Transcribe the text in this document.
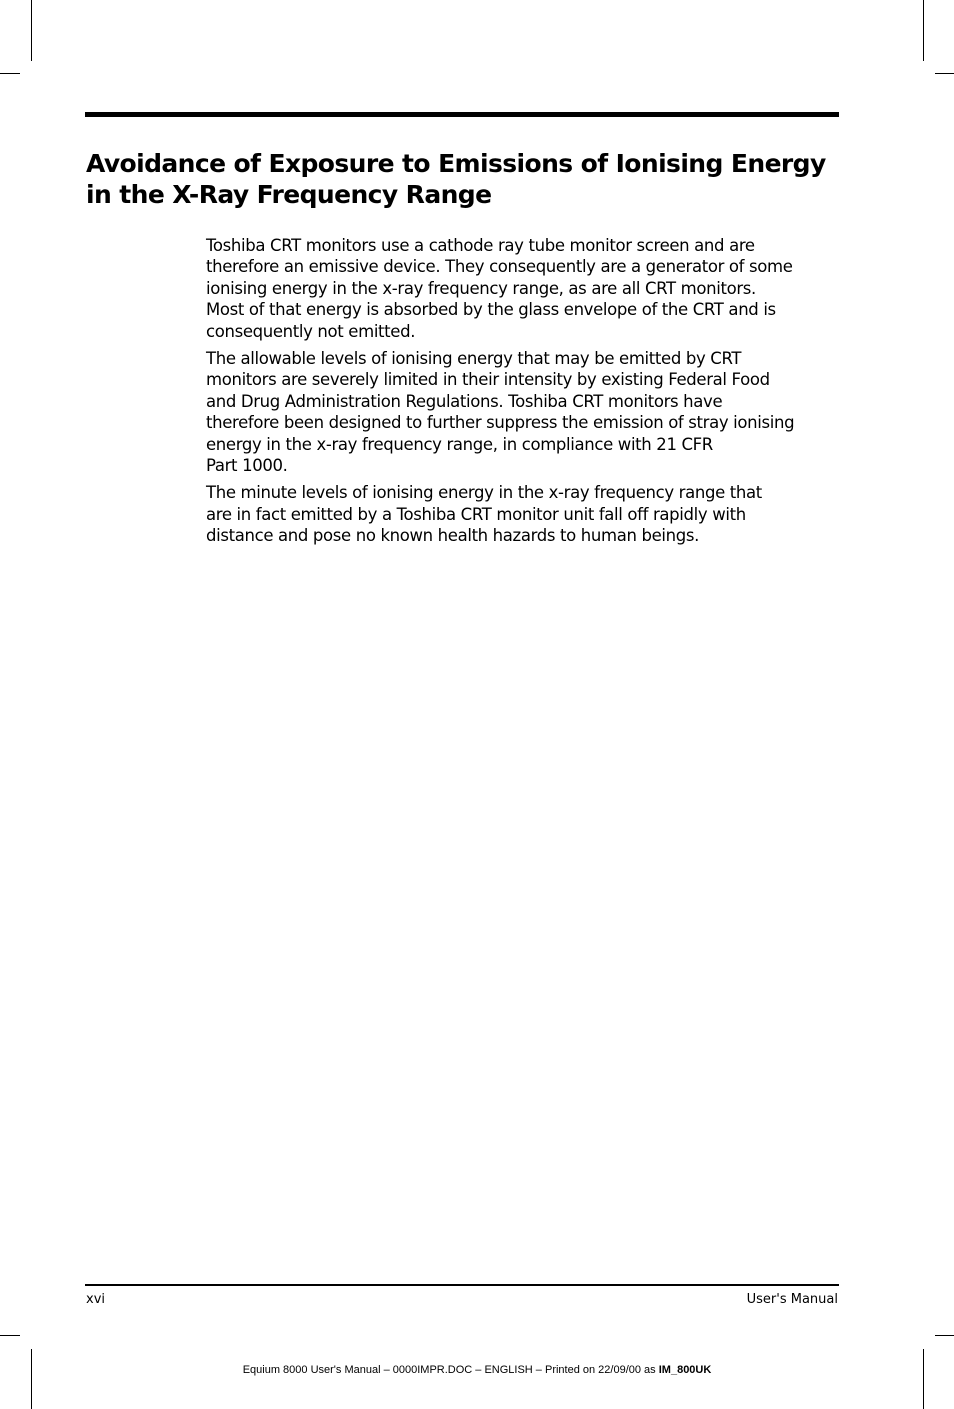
Avoidance of Exposure to Emissions of Ionising Energy
in the X-Ray Frequency Range

Toshiba CRT monitors use a cathode ray tube monitor screen and are
therefore an emissive device. They consequently are a generator of some
ionising energy in the x-ray frequency range, as are all CRT monitors.
Most of that energy is absorbed by the glass envelope of the CRT and is
consequently not emitted.

The allowable levels of ionising energy that may be emitted by CRT
monitors are severely limited in their intensity by existing Federal Food
and Drug Administration Regulations. Toshiba CRT monitors have
therefore been designed to further suppress the emission of stray ionising
energy in the x-ray frequency range, in compliance with 21 CFR
Part 1000.

The minute levels of ionising energy in the x-ray frequency range that
are in fact emitted by a Toshiba CRT monitor unit fall off rapidly with
distance and pose no known health hazards to human beings.

xvi	User's Manual
Equium 8000 User's Manual – 0000IMPR.DOC – ENGLISH – Printed on 22/09/00 as IM_800UK
